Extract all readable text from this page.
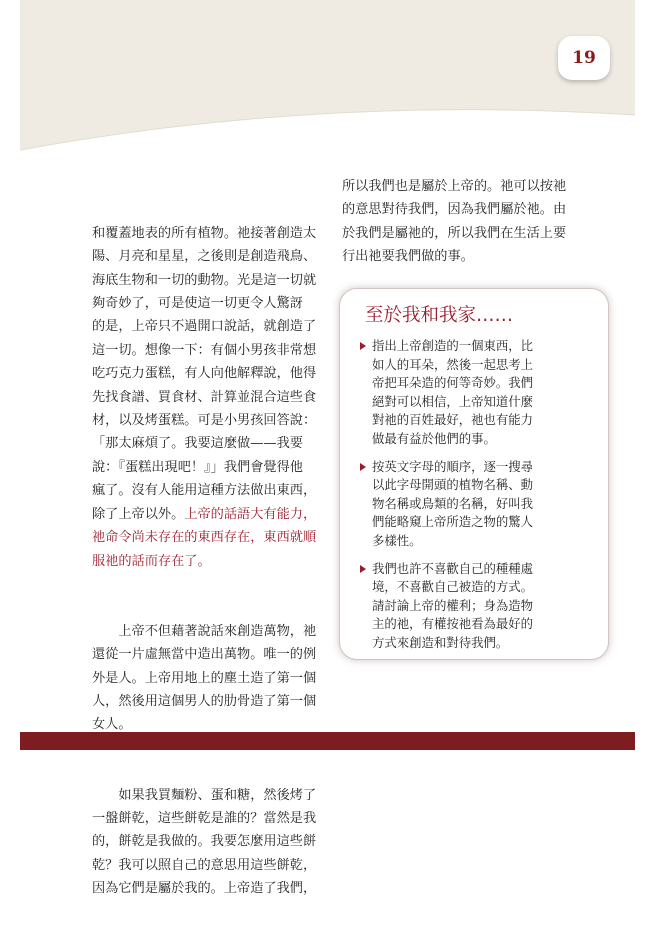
19

和覆蓋地表的所有植物。祂接著創造太
陽、月亮和星星，之後則是創造飛鳥、
海底生物和一切的動物。光是這一切就
夠奇妙了，可是使這一切更令人驚訝
的是，上帝只不過開口說話，就創造了
這一切。想像一下：有個小男孩非常想
吃巧克力蛋糕，有人向他解釋說，他得
先找食譜、買食材、計算並混合這些食
材，以及烤蛋糕。可是小男孩回答說：
「那太麻煩了。我要這麼做——我要
說：『蛋糕出現吧！』」我們會覺得他
瘋了。沒有人能用這種方法做出東西，
除了上帝以外。上帝的話語大有能力，
祂命令尚未存在的東西存在，東西就順
服祂的話而存在了。

　　上帝不但藉著說話來創造萬物，祂
還從一片虛無當中造出萬物。唯一的例
外是人。上帝用地上的塵土造了第一個
人，然後用這個男人的肋骨造了第一個
女人。

　　如果我買麵粉、蛋和糖，然後烤了
一盤餅乾，這些餅乾是誰的？當然是我
的，餅乾是我做的。我要怎麼用這些餅
乾？我可以照自己的意思用這些餅乾，
因為它們是屬於我的。上帝造了我們，

所以我們也是屬於上帝的。祂可以按祂
的意思對待我們，因為我們屬於祂。由
於我們是屬祂的，所以我們在生活上要
行出祂要我們做的事。
至於我和我家……
指出上帝創造的一個東西，比
如人的耳朵，然後一起思考上
帝把耳朵造的何等奇妙。我們
絕對可以相信，上帝知道什麼
對祂的百姓最好，祂也有能力
做最有益於他們的事。
按英文字母的順序，逐一搜尋
以此字母開頭的植物名稱、動
物名稱或鳥類的名稱，好叫我
們能略窺上帝所造之物的驚人
多樣性。
我們也許不喜歡自己的種種處
境，不喜歡自己被造的方式。
請討論上帝的權利；身為造物
主的祂，有權按祂看為最好的
方式來創造和對待我們。
